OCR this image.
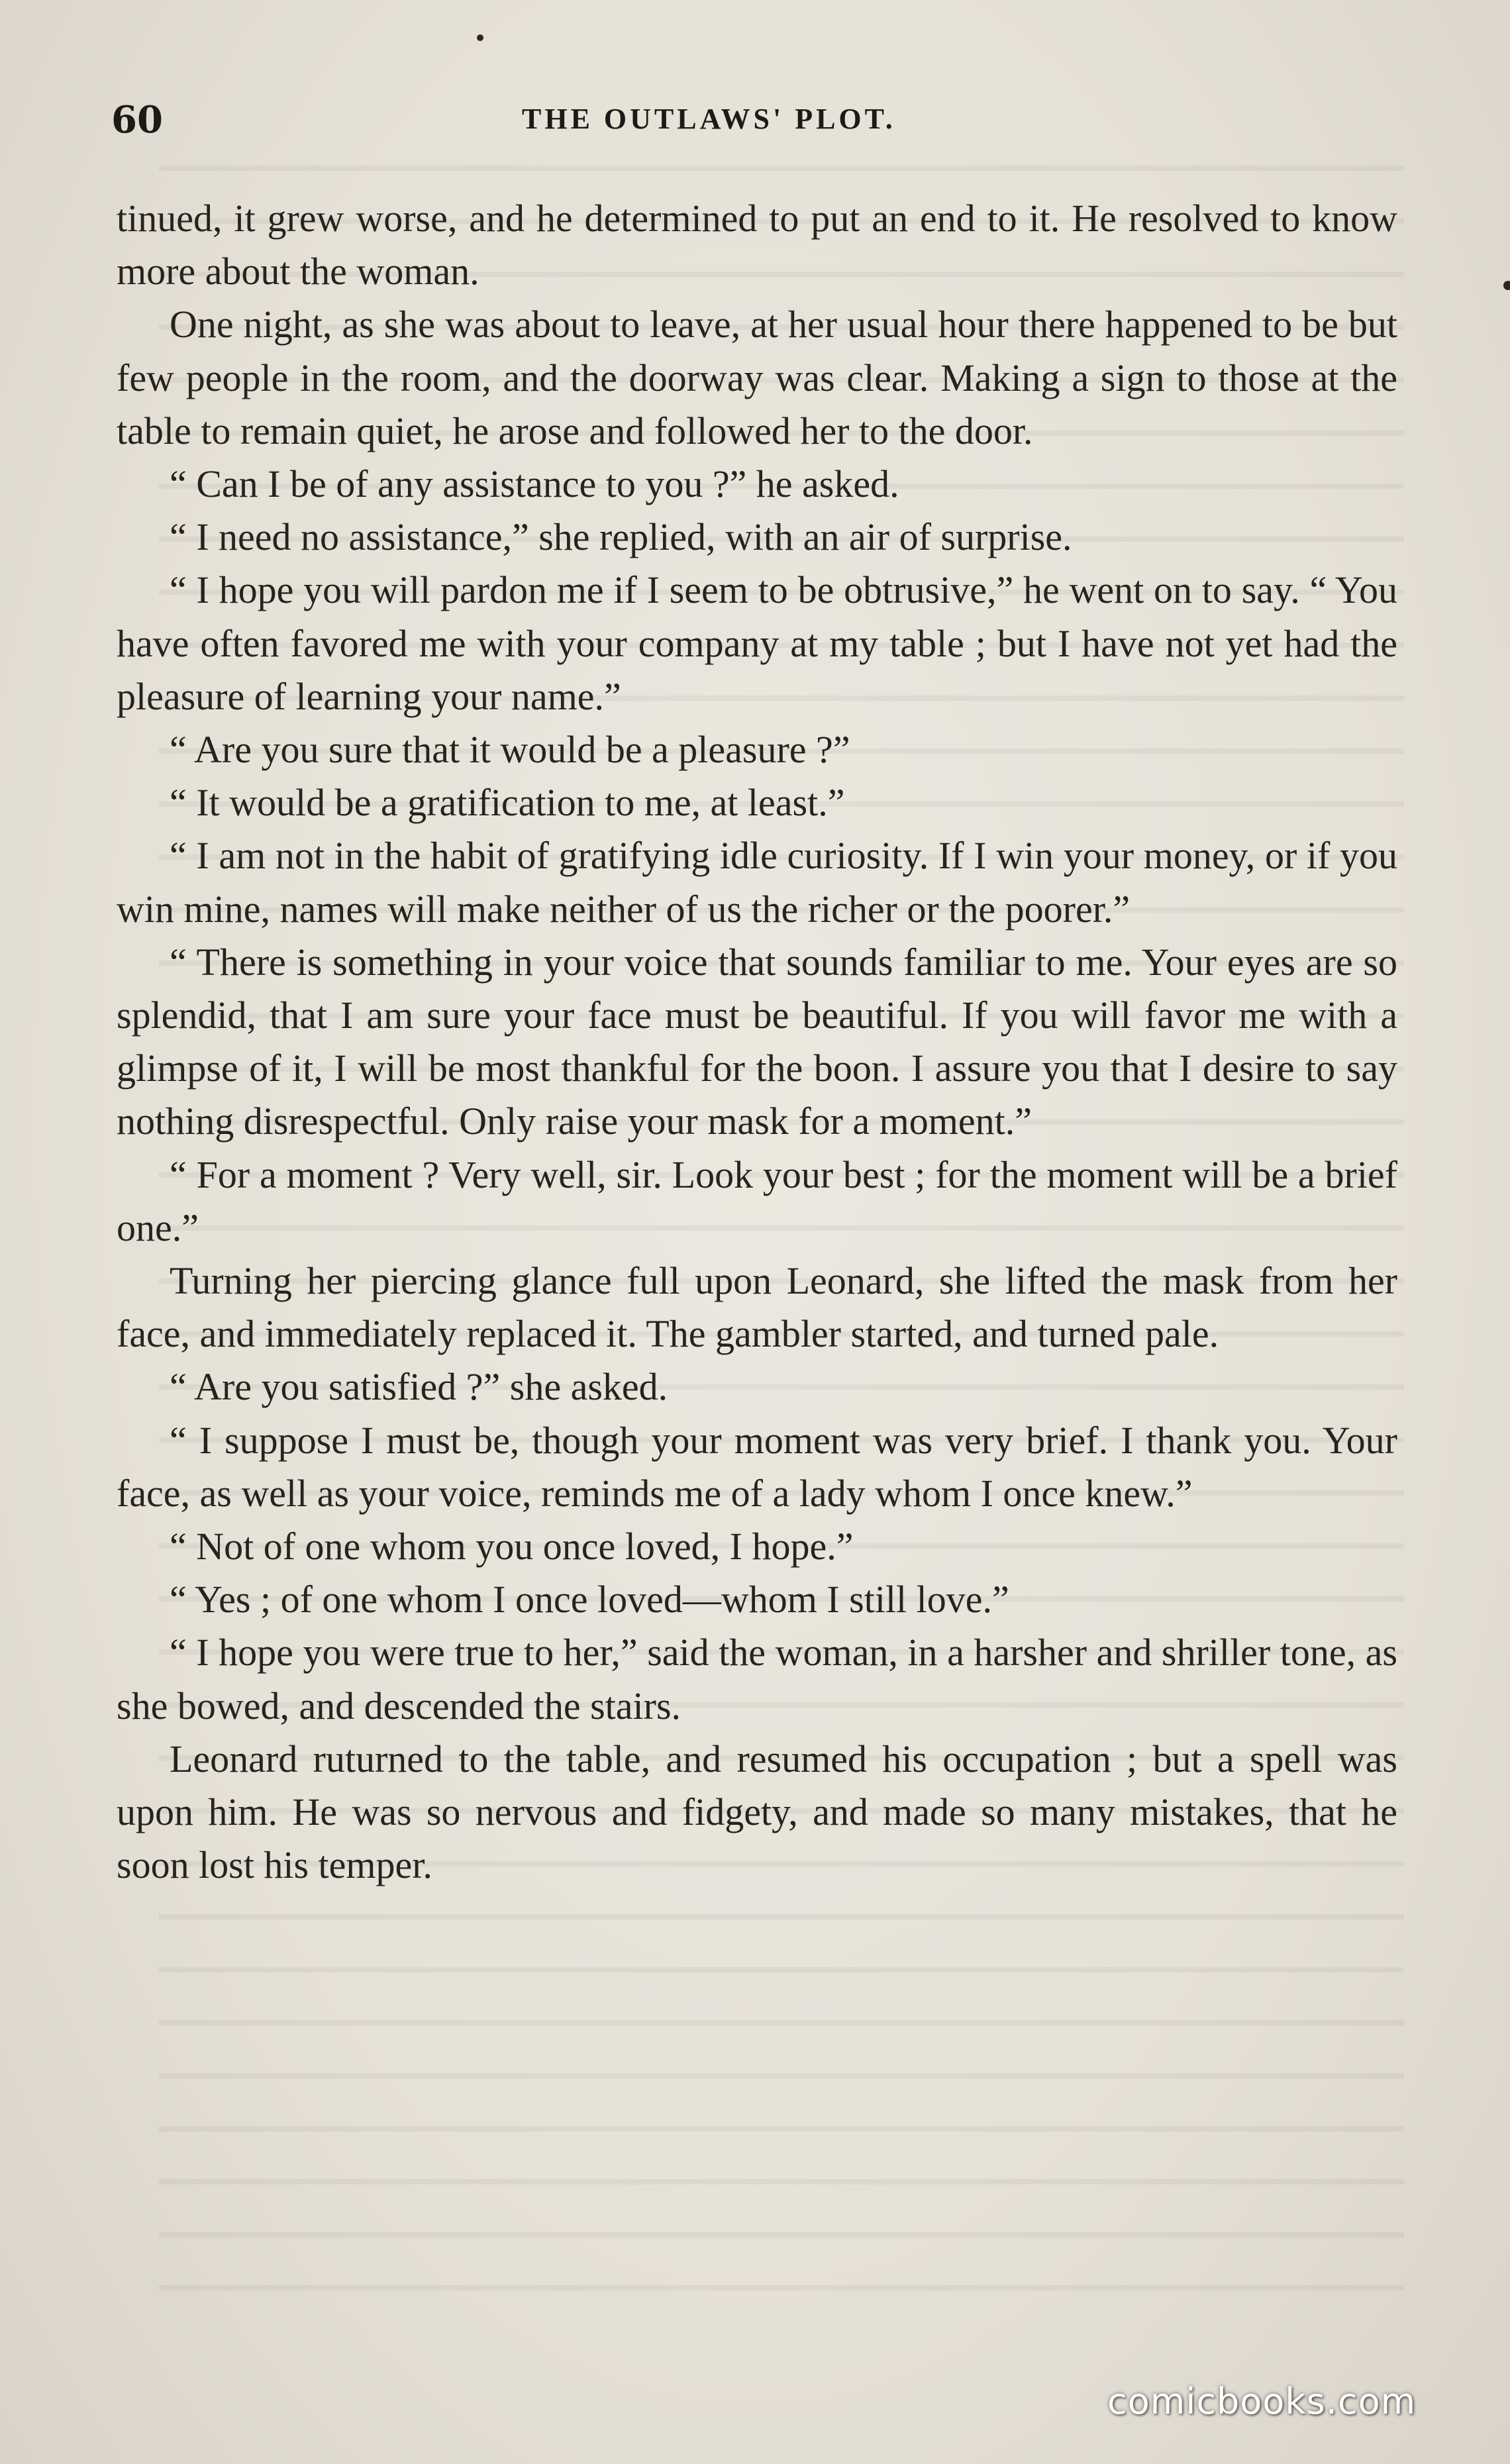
60	THE OUTLAWS' PLOT.

tinued, it grew worse, and he determined to put an end to it. He resolved to know more about the woman.

One night, as she was about to leave, at her usual hour there happened to be but few people in the room, and the doorway was clear. Making a sign to those at the table to remain quiet, he arose and followed her to the door.

“ Can I be of any assistance to you ?” he asked.

“ I need no assistance,” she replied, with an air of surprise.

“ I hope you will pardon me if I seem to be obtrusive,” he went on to say. “ You have often favored me with your company at my table ; but I have not yet had the pleasure of learning your name.”

“ Are you sure that it would be a pleasure ?”

“ It would be a gratification to me, at least.”

“ I am not in the habit of gratifying idle curiosity. If I win your money, or if you win mine, names will make neither of us the richer or the poorer.”

“ There is something in your voice that sounds familiar to me. Your eyes are so splendid, that I am sure your face must be beautiful. If you will favor me with a glimpse of it, I will be most thankful for the boon. I assure you that I desire to say nothing disrespectful. Only raise your mask for a moment.”

“ For a moment ? Very well, sir. Look your best ; for the moment will be a brief one.”

Turning her piercing glance full upon Leonard, she lifted the mask from her face, and immediately replaced it. The gambler started, and turned pale.

“ Are you satisfied ?” she asked.

“ I suppose I must be, though your moment was very brief. I thank you. Your face, as well as your voice, reminds me of a lady whom I once knew.”

“ Not of one whom you once loved, I hope.”

“ Yes ; of one whom I once loved—whom I still love.”

“ I hope you were true to her,” said the woman, in a harsher and shriller tone, as she bowed, and descended the stairs.

Leonard ruturned to the table, and resumed his occupation ; but a spell was upon him. He was so nervous and fidgety, and made so many mistakes, that he soon lost his temper.

comicbooks.com
